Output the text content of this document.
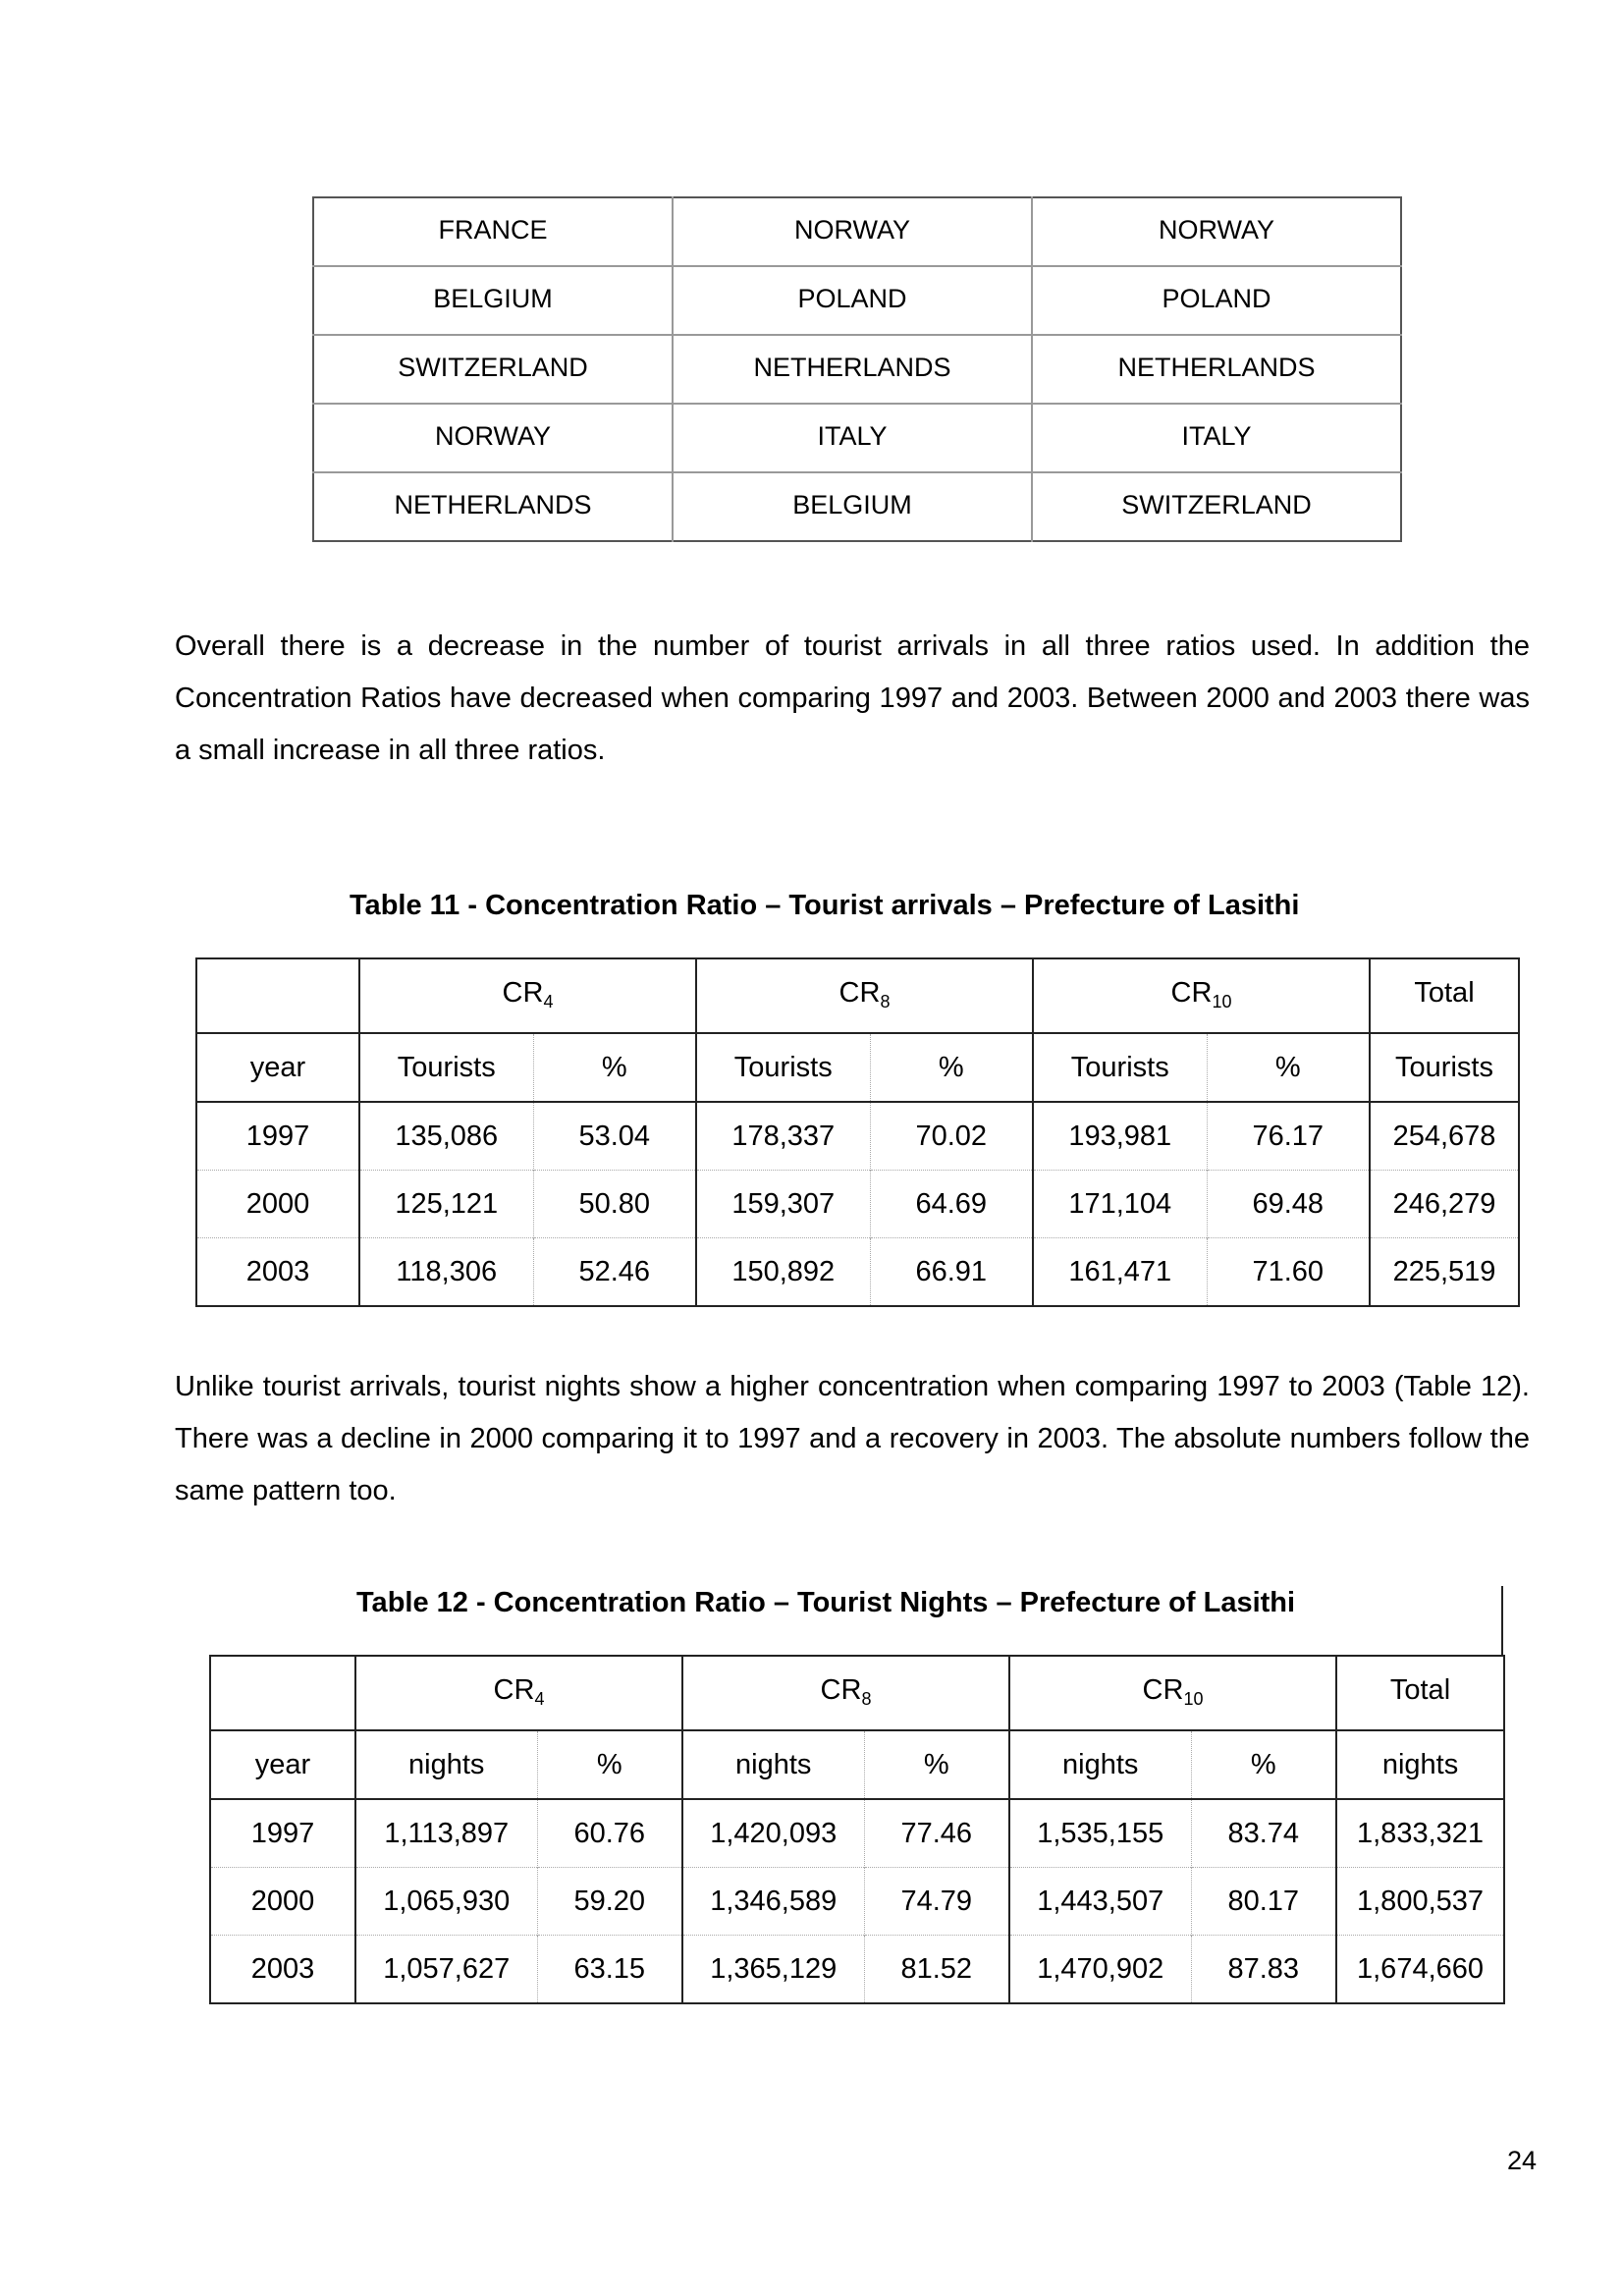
FRANCE	NORWAY	NORWAY
BELGIUM	POLAND	POLAND
SWITZERLAND	NETHERLANDS	NETHERLANDS
NORWAY	ITALY	ITALY
NETHERLANDS	BELGIUM	SWITZERLAND
Overall there is a decrease in the number of tourist arrivals in all three ratios used. In addition the Concentration Ratios have decreased when comparing 1997 and 2003. Between 2000 and 2003 there was a small increase in all three ratios.
Table 11 - Concentration Ratio – Tourist arrivals – Prefecture of Lasithi
	$CR_4$		$CR_8$		$CR_{10}$		Total
year	Tourists	%	Tourists	%	Tourists	%	Tourists
1997	135,086	53.04	178,337	70.02	193,981	76.17	254,678
2000	125,121	50.80	159,307	64.69	171,104	69.48	246,279
2003	118,306	52.46	150,892	66.91	161,471	71.60	225,519
Unlike tourist arrivals, tourist nights show a higher concentration when comparing 1997 to 2003 (Table 12). There was a decline in 2000 comparing it to 1997 and a recovery in 2003. The absolute numbers follow the same pattern too.
Table 12 - Concentration Ratio – Tourist Nights – Prefecture of Lasithi
	$CR_4$		$CR_8$		$CR_{10}$		Total
year	nights	%	nights	%	nights	%	nights
1997	1,113,897	60.76	1,420,093	77.46	1,535,155	83.74	1,833,321
2000	1,065,930	59.20	1,346,589	74.79	1,443,507	80.17	1,800,537
2003	1,057,627	63.15	1,365,129	81.52	1,470,902	87.83	1,674,660
24
